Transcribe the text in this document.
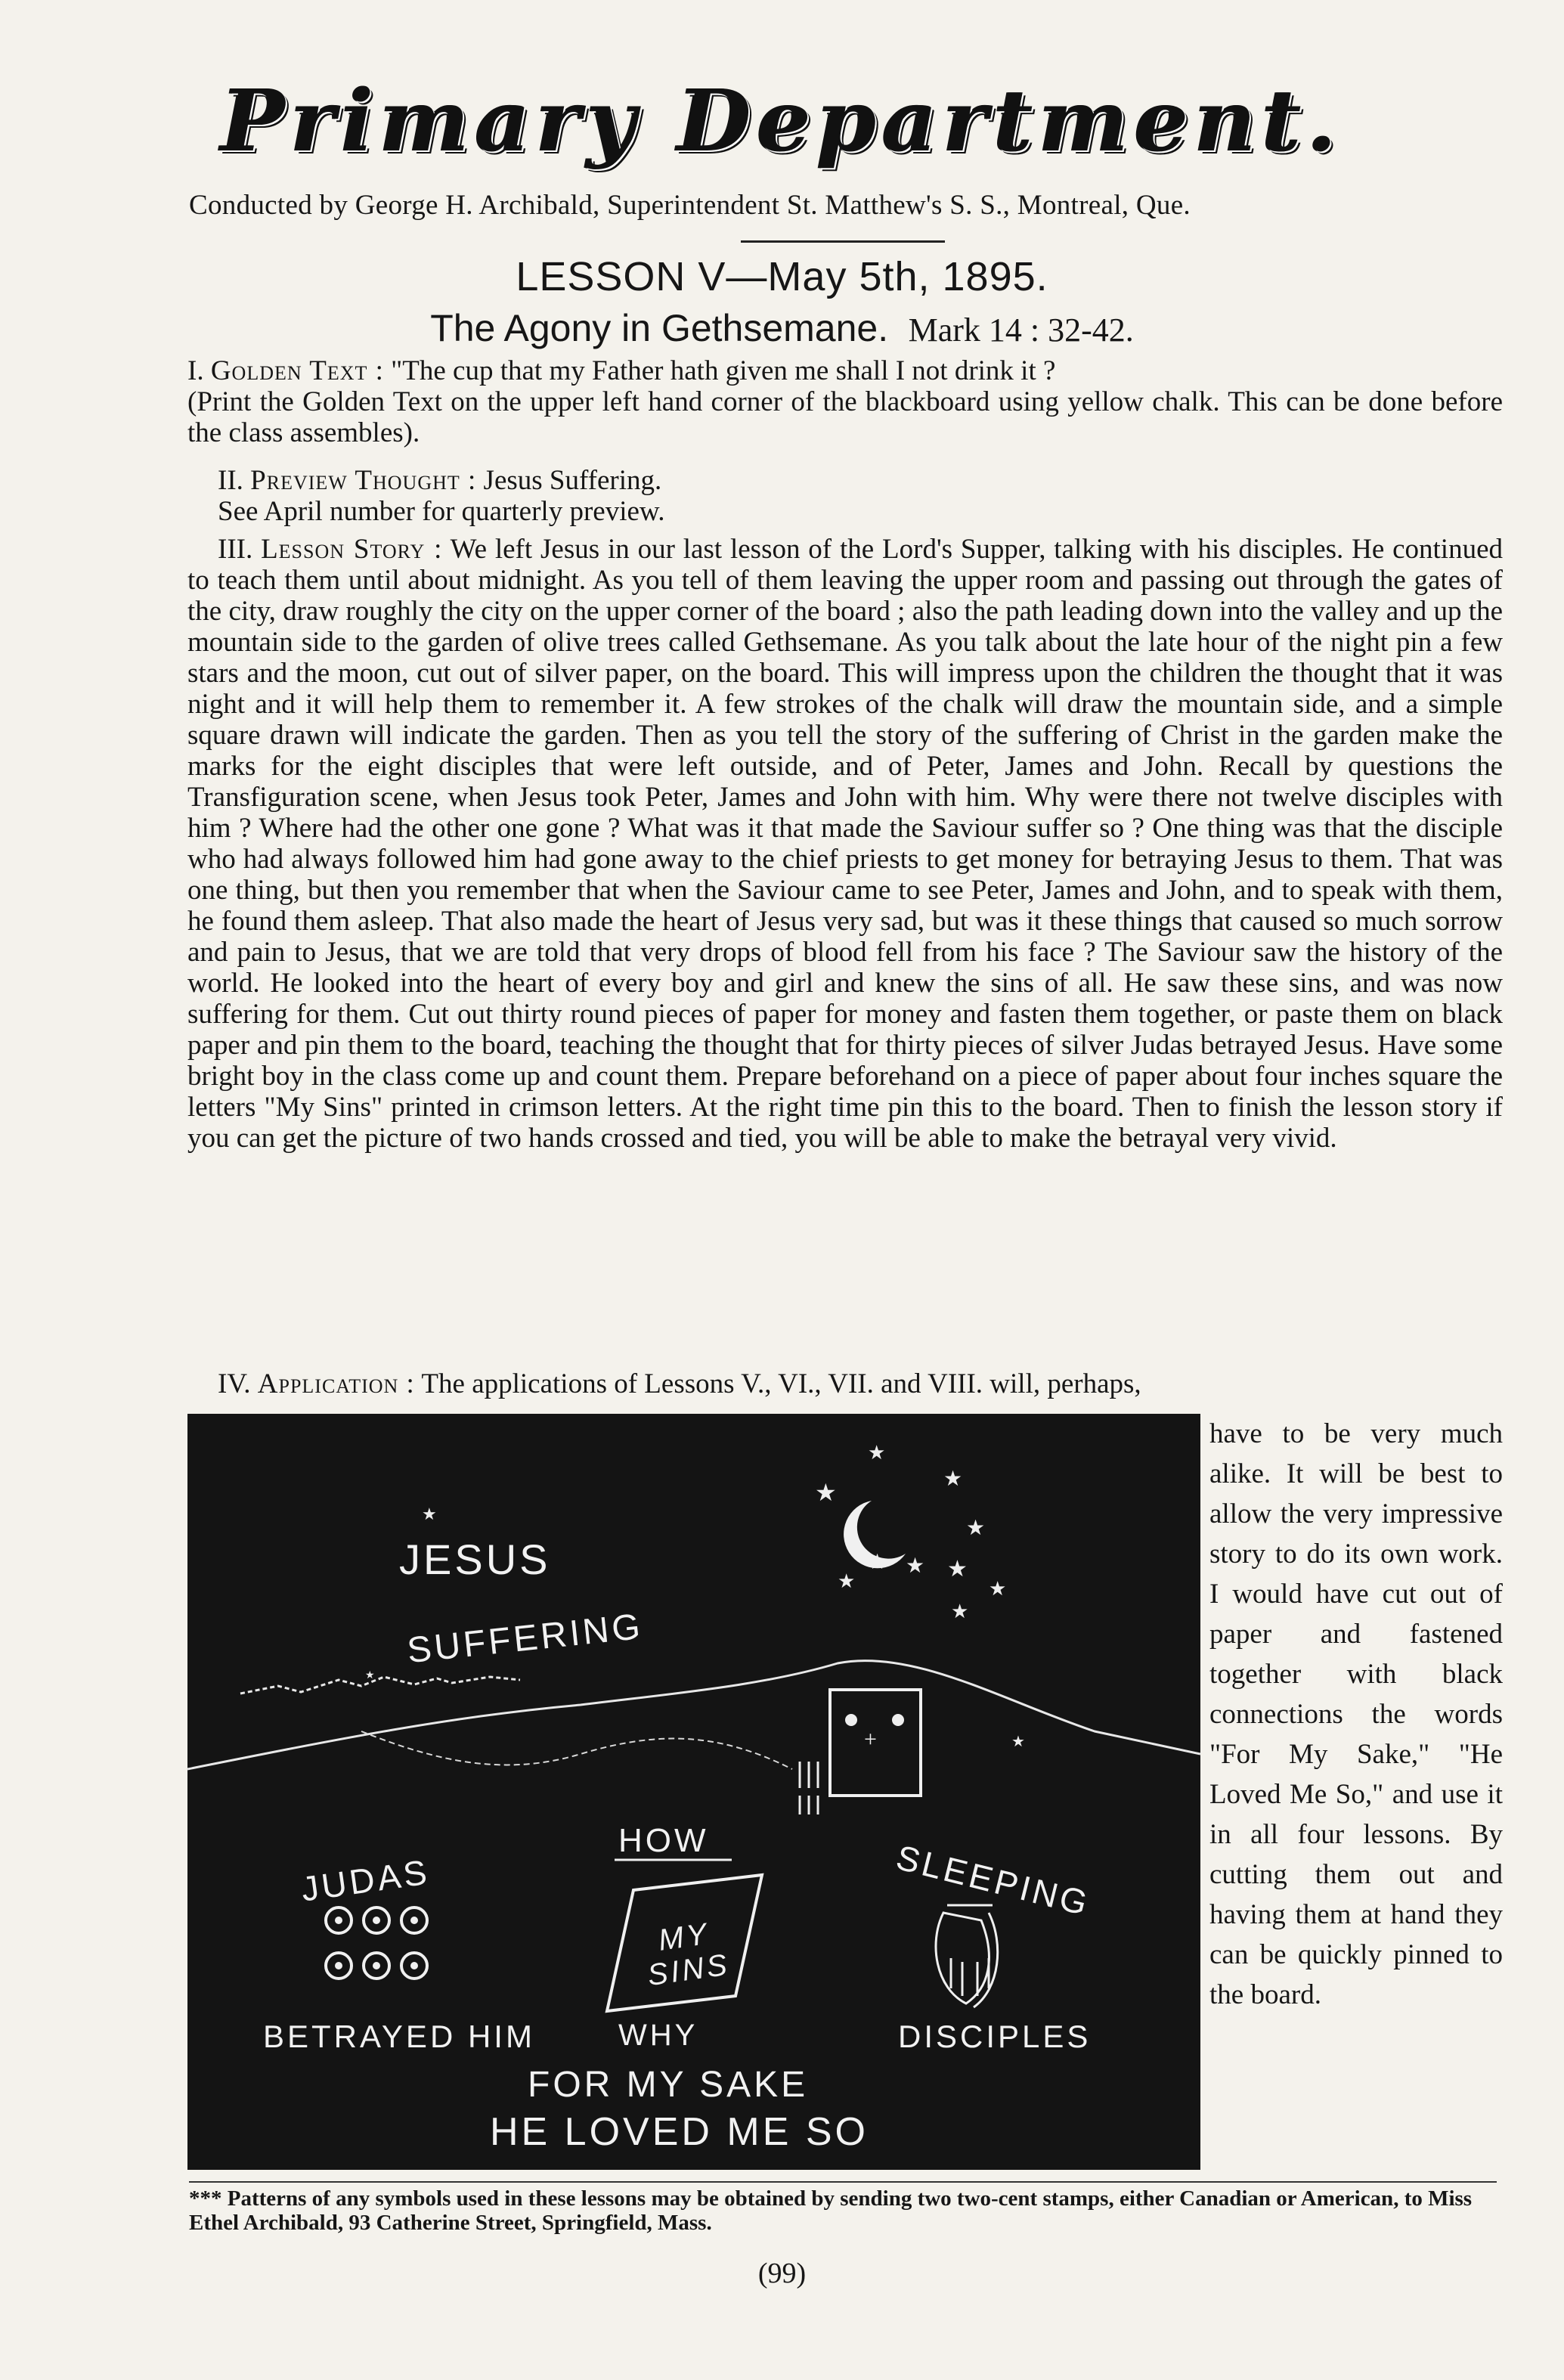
Primary Department.
Conducted by George H. Archibald, Superintendent St. Matthew's S. S., Montreal, Que.
LESSON V—May 5th, 1895.
The Agony in Gethsemane. Mark 14 : 32-42.
I. Golden Text : "The cup that my Father hath given me shall I not drink it ?
(Print the Golden Text on the upper left hand corner of the blackboard using yellow chalk. This can be done before the class assembles).
II. Preview Thought : Jesus Suffering.
See April number for quarterly preview.
III. Lesson Story : We left Jesus in our last lesson of the Lord's Supper, talking with his disciples. He continued to teach them until about midnight. As you tell of them leaving the upper room and passing out through the gates of the city, draw roughly the city on the upper corner of the board ; also the path leading down into the valley and up the mountain side to the garden of olive trees called Gethsemane. As you talk about the late hour of the night pin a few stars and the moon, cut out of silver paper, on the board. This will impress upon the children the thought that it was night and it will help them to remember it. A few strokes of the chalk will draw the mountain side, and a simple square drawn will indicate the garden. Then as you tell the story of the suffering of Christ in the garden make the marks for the eight disciples that were left outside, and of Peter, James and John. Recall by questions the Transfiguration scene, when Jesus took Peter, James and John with him. Why were there not twelve disciples with him ? Where had the other one gone ? What was it that made the Saviour suffer so ? One thing was that the disciple who had always followed him had gone away to the chief priests to get money for betraying Jesus to them. That was one thing, but then you remember that when the Saviour came to see Peter, James and John, and to speak with them, he found them asleep. That also made the heart of Jesus very sad, but was it these things that caused so much sorrow and pain to Jesus, that we are told that very drops of blood fell from his face ? The Saviour saw the history of the world. He looked into the heart of every boy and girl and knew the sins of all. He saw these sins, and was now suffering for them. Cut out thirty round pieces of paper for money and fasten them together, or paste them on black paper and pin them to the board, teaching the thought that for thirty pieces of silver Judas betrayed Jesus. Have some bright boy in the class come up and count them. Prepare beforehand on a piece of paper about four inches square the letters "My Sins" printed in crimson letters. At the right time pin this to the board. Then to finish the lesson story if you can get the picture of two hands crossed and tied, you will be able to make the betrayal very vivid.
IV. Application : The applications of Lessons V., VI., VII. and VIII. will, perhaps,
★
★
★
★
★
★
★
★
★
★
★
★
+
JESUS
SUFFERING
HOW
JUDAS
MY SINS
SLEEPING
WHY
BETRAYED HIM	DISCIPLES
FOR MY SAKE
HE LOVED ME SO
have to be very much alike. It will be best to allow the very impressive story to do its own work. I would have cut out of paper and fastened together with black connections the words "For My Sake," "He Loved Me So," and use it in all four lessons. By cutting them out and having them at hand they can be quickly pinned to the board.
*** Patterns of any symbols used in these lessons may be obtained by sending two two-cent stamps, either Canadian or American, to Miss Ethel Archibald, 93 Catherine Street, Springfield, Mass.
(99)
